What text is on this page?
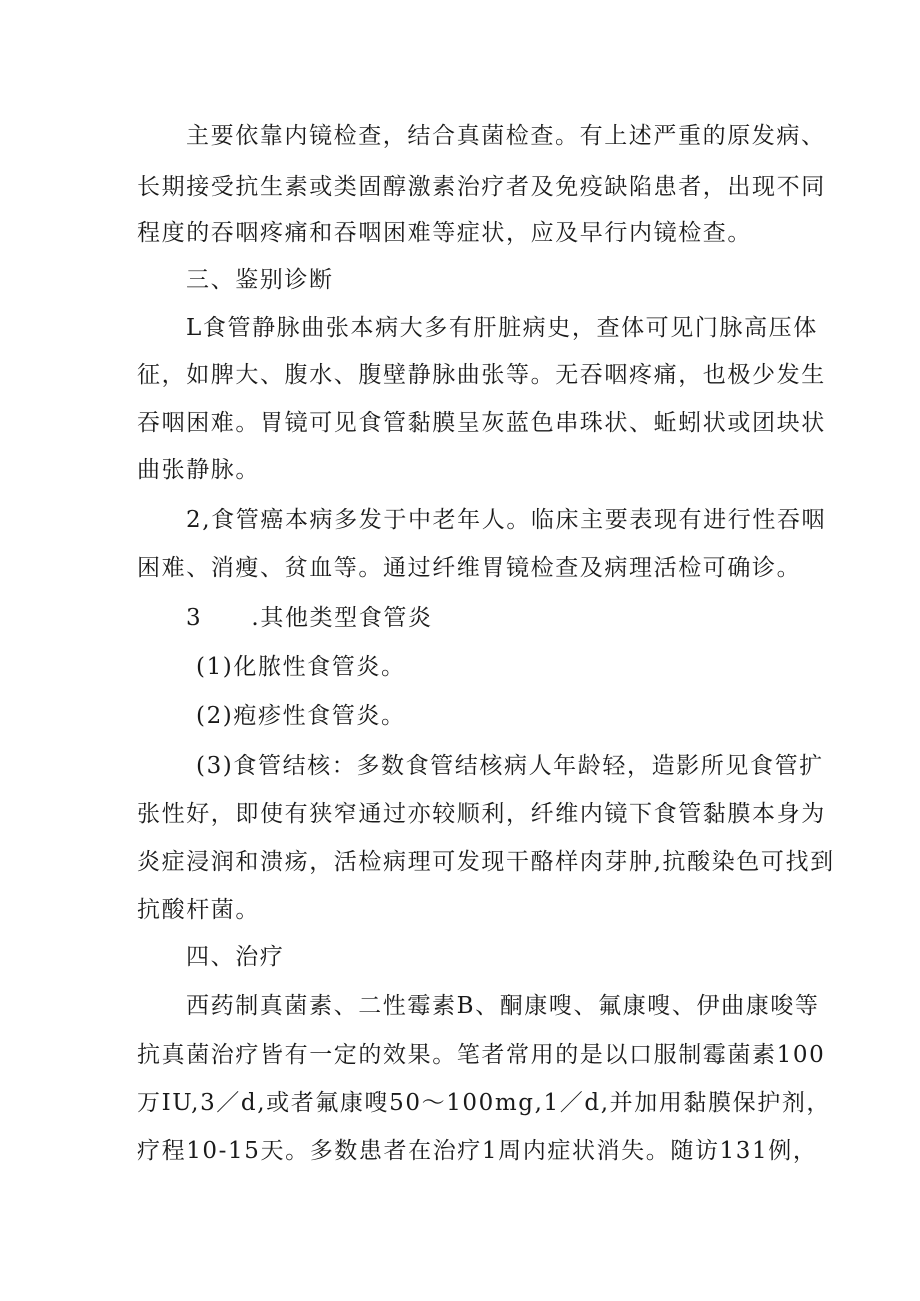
主要依靠内镜检查，结合真菌检查。有上述严重的原发病、
长期接受抗生素或类固醇激素治疗者及免疫缺陷患者，出现不同
程度的吞咽疼痛和吞咽困难等症状，应及早行内镜检查。
三、鉴别诊断
L食管静脉曲张本病大多有肝脏病史，查体可见门脉高压体
征，如脾大、腹水、腹壁静脉曲张等。无吞咽疼痛，也极少发生
吞咽困难。胃镜可见食管黏膜呈灰蓝色串珠状、蚯蚓状或团块状
曲张静脉。
2,食管癌本病多发于中老年人。临床主要表现有进行性吞咽
困难、消瘦、贫血等。通过纤维胃镜检查及病理活检可确诊。
3　　.其他类型食管炎
(1)化脓性食管炎。
(2)疱疹性食管炎。
(3)食管结核：多数食管结核病人年龄轻，造影所见食管扩
张性好，即使有狭窄通过亦较顺利，纤维内镜下食管黏膜本身为
炎症浸润和溃疡，活检病理可发现干酪样肉芽肿,抗酸染色可找到
抗酸杆菌。
四、治疗
西药制真菌素、二性霉素B、酮康嗖、氟康嗖、伊曲康唆等
抗真菌治疗皆有一定的效果。笔者常用的是以口服制霉菌素100
万IU,3／d,或者氟康嗖50～100mg,1／d,并加用黏膜保护剂，
疗程10-15天。多数患者在治疗1周内症状消失。随访131例，
